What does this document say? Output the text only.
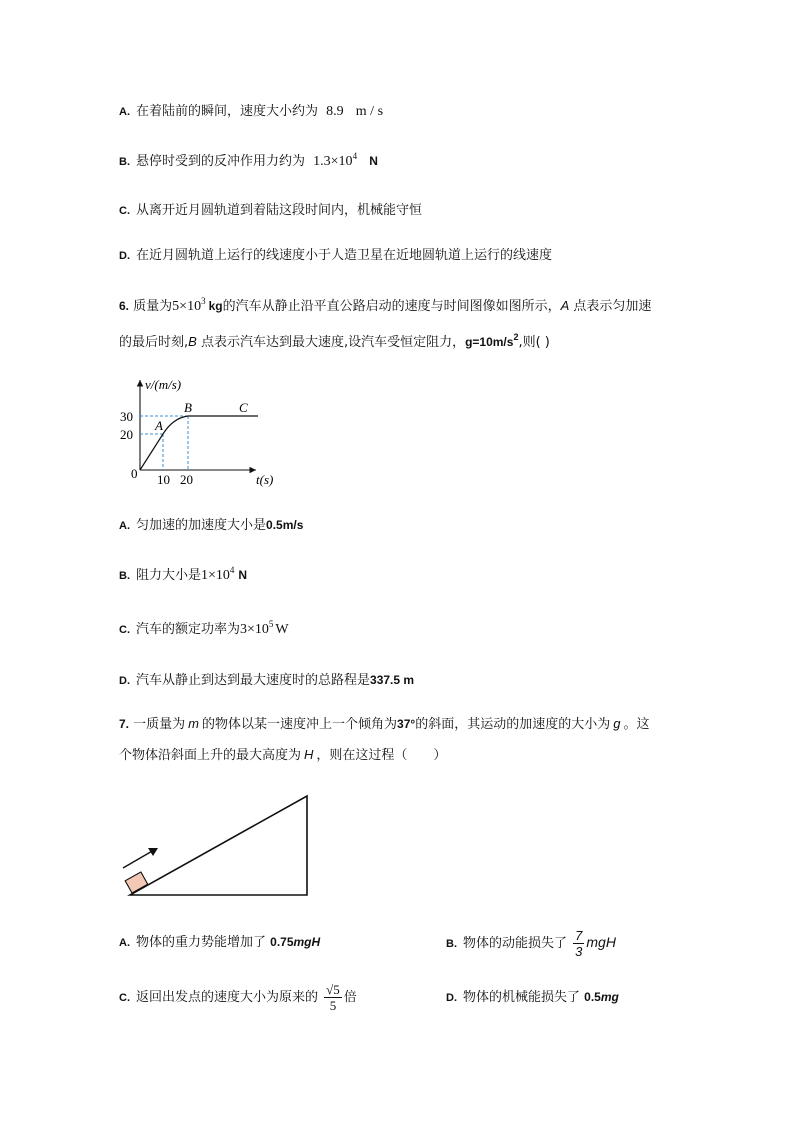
A. 在着陆前的瞬间，速度大小约为 8.9 m / s
B. 悬停时受到的反冲作用力约为 $1.3\times 10^4$ N
C. 从离开近月圆轨道到着陆这段时间内，机械能守恒
D. 在近月圆轨道上运行的线速度小于人造卫星在近地圆轨道上运行的线速度
6. 质量为$5\times 10^3$ kg的汽车从静止沿平直公路启动的速度与时间图像如图所示，A 点表示匀加速
的最后时刻,B 点表示汽车达到最大速度,设汽车受恒定阻力，$g=10m/s^2$,则( )
v/(m/s)
30
20
0 10 20	t(s)
A
B	C
A. 匀加速的加速度大小是0.5m/s
B. 阻力大小是$1\times 10^4$ N
C. 汽车的额定功率为$3\times 10^5$ W
D. 汽车从静止到达到最大速度时的总路程是337.5 m
7. 一质量为 m 的物体以某一速度冲上一个倾角为37°的斜面，其运动的加速度的大小为 g 。这
个物体沿斜面上升的最大高度为 H ，则在这过程（　　）
A. 物体的重力势能增加了 0.75mgH	B. 物体的动能损失了 $\frac{7}{3}$ mgH
C. 返回出发点的速度大小为原来的 $\frac{√5}{5}$ 倍	D. 物体的机械能损失了 0.5mg
